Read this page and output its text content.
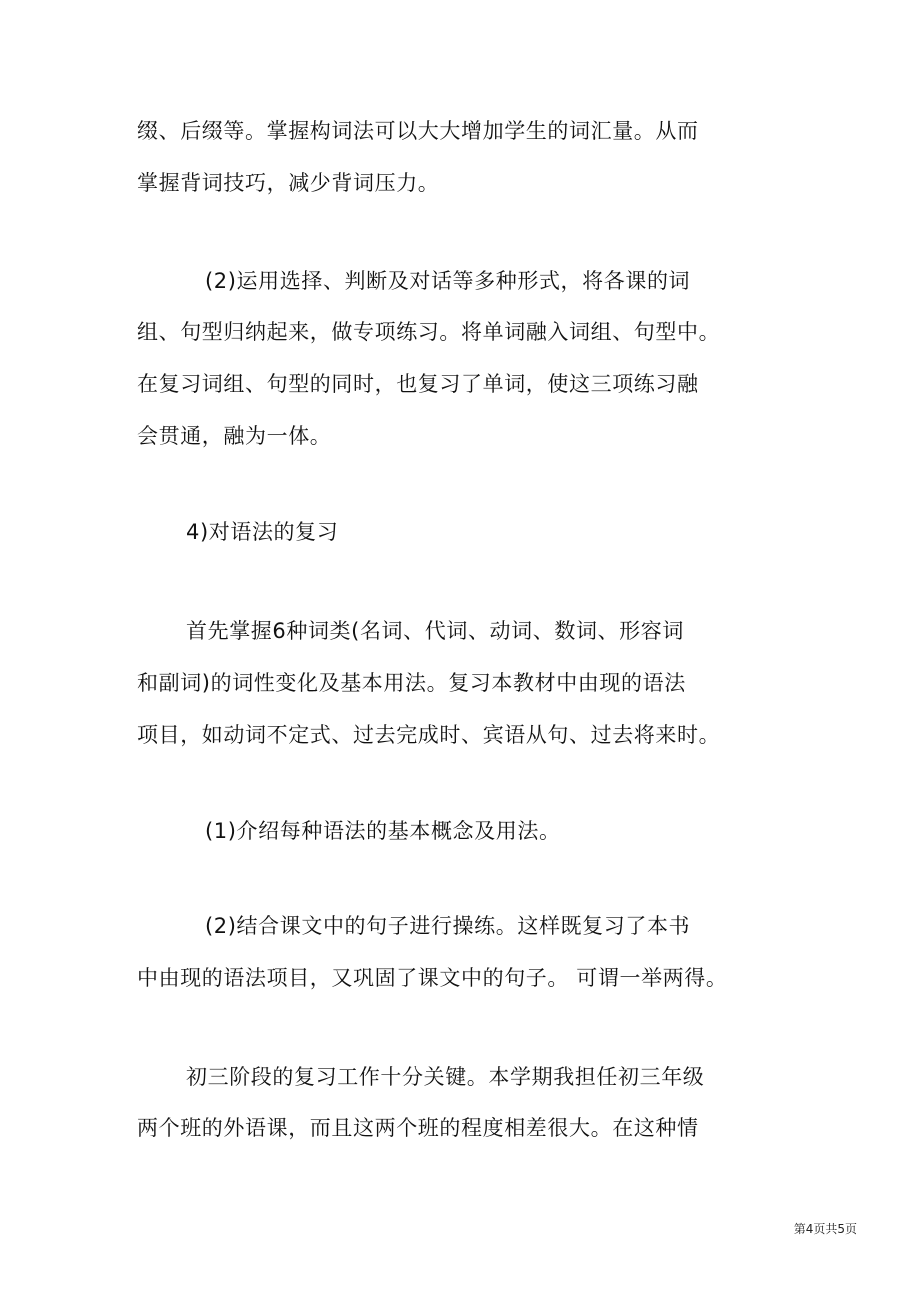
缀、后缀等。掌握构词法可以大大增加学生的词汇量。从而
掌握背词技巧，减少背词压力。
(2)运用选择、判断及对话等多种形式，将各课的词
组、句型归纳起来，做专项练习。将单词融入词组、句型中。
在复习词组、句型的同时，也复习了单词，使这三项练习融
会贯通，融为一体。
4)对语法的复习
首先掌握6种词类(名词、代词、动词、数词、形容词
和副词)的词性变化及基本用法。复习本教材中由现的语法
项目，如动词不定式、过去完成时、宾语从句、过去将来时。
(1)介绍每种语法的基本概念及用法。
(2)结合课文中的句子进行操练。这样既复习了本书
中由现的语法项目，又巩固了课文中的句子。 可谓一举两得。
初三阶段的复习工作十分关键。本学期我担任初三年级
两个班的外语课，而且这两个班的程度相差很大。在这种情
第4页共5页
